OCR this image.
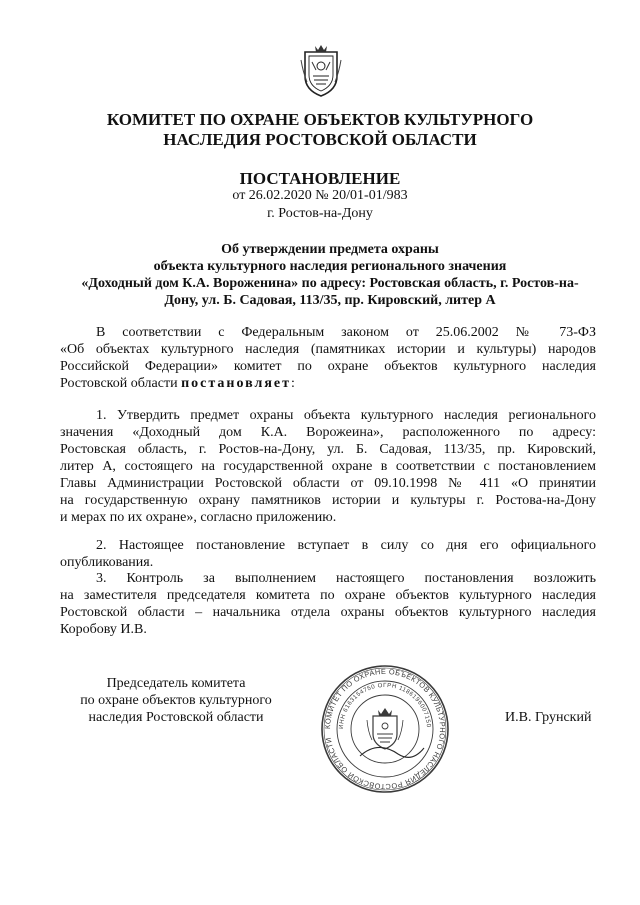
КОМИТЕТ ПО ОХРАНЕ ОБЪЕКТОВ КУЛЬТУРНОГО
НАСЛЕДИЯ РОСТОВСКОЙ ОБЛАСТИ
ПОСТАНОВЛЕНИЕ
от 26.02.2020 № 20/01-01/983
г. Ростов-на-Дону
Об утверждении предмета охраны
объекта культурного наследия регионального значения
«Доходный дом К.А. Вороженина» по адресу: Ростовская область, г. Ростов-на-
Дону, ул. Б. Садовая, 113/35, пр. Кировский, литер А
В соответствии с Федеральным законом от 25.06.2002 № 73-ФЗ
«Об объектах культурного наследия (памятниках истории и культуры) народов
Российской Федерации» комитет по охране объектов культурного наследия
Ростовской области постановляет:
1. Утвердить предмет охраны объекта культурного наследия регионального
значения «Доходный дом К.А. Ворожеина», расположенного по адресу:
Ростовская область, г. Ростов-на-Дону, ул. Б. Садовая, 113/35, пр. Кировский,
литер А, состоящего на государственной охране в соответствии с постановлением
Главы Администрации Ростовской области от 09.10.1998 № 411 «О принятии
на государственную охрану памятников истории и культуры г. Ростова-на-Дону
и мерах по их охране», согласно приложению.
2. Настоящее постановление вступает в силу со дня его официального
опубликования.
3. Контроль за выполнением настоящего постановления возложить
на заместителя председателя комитета по охране объектов культурного наследия
Ростовской области – начальника отдела охраны объектов культурного наследия
Коробову И.В.
Председатель комитета
по охране объектов культурного
наследия Ростовской области
КОМИТЕТ ПО ОХРАНЕ ОБЪЕКТОВ КУЛЬТУРНОГО НАСЛЕДИЯ РОСТОВСКОЙ ОБЛАСТИ
ИНН 6163154750 ОГРН 1186196007150
И.В. Грунский
